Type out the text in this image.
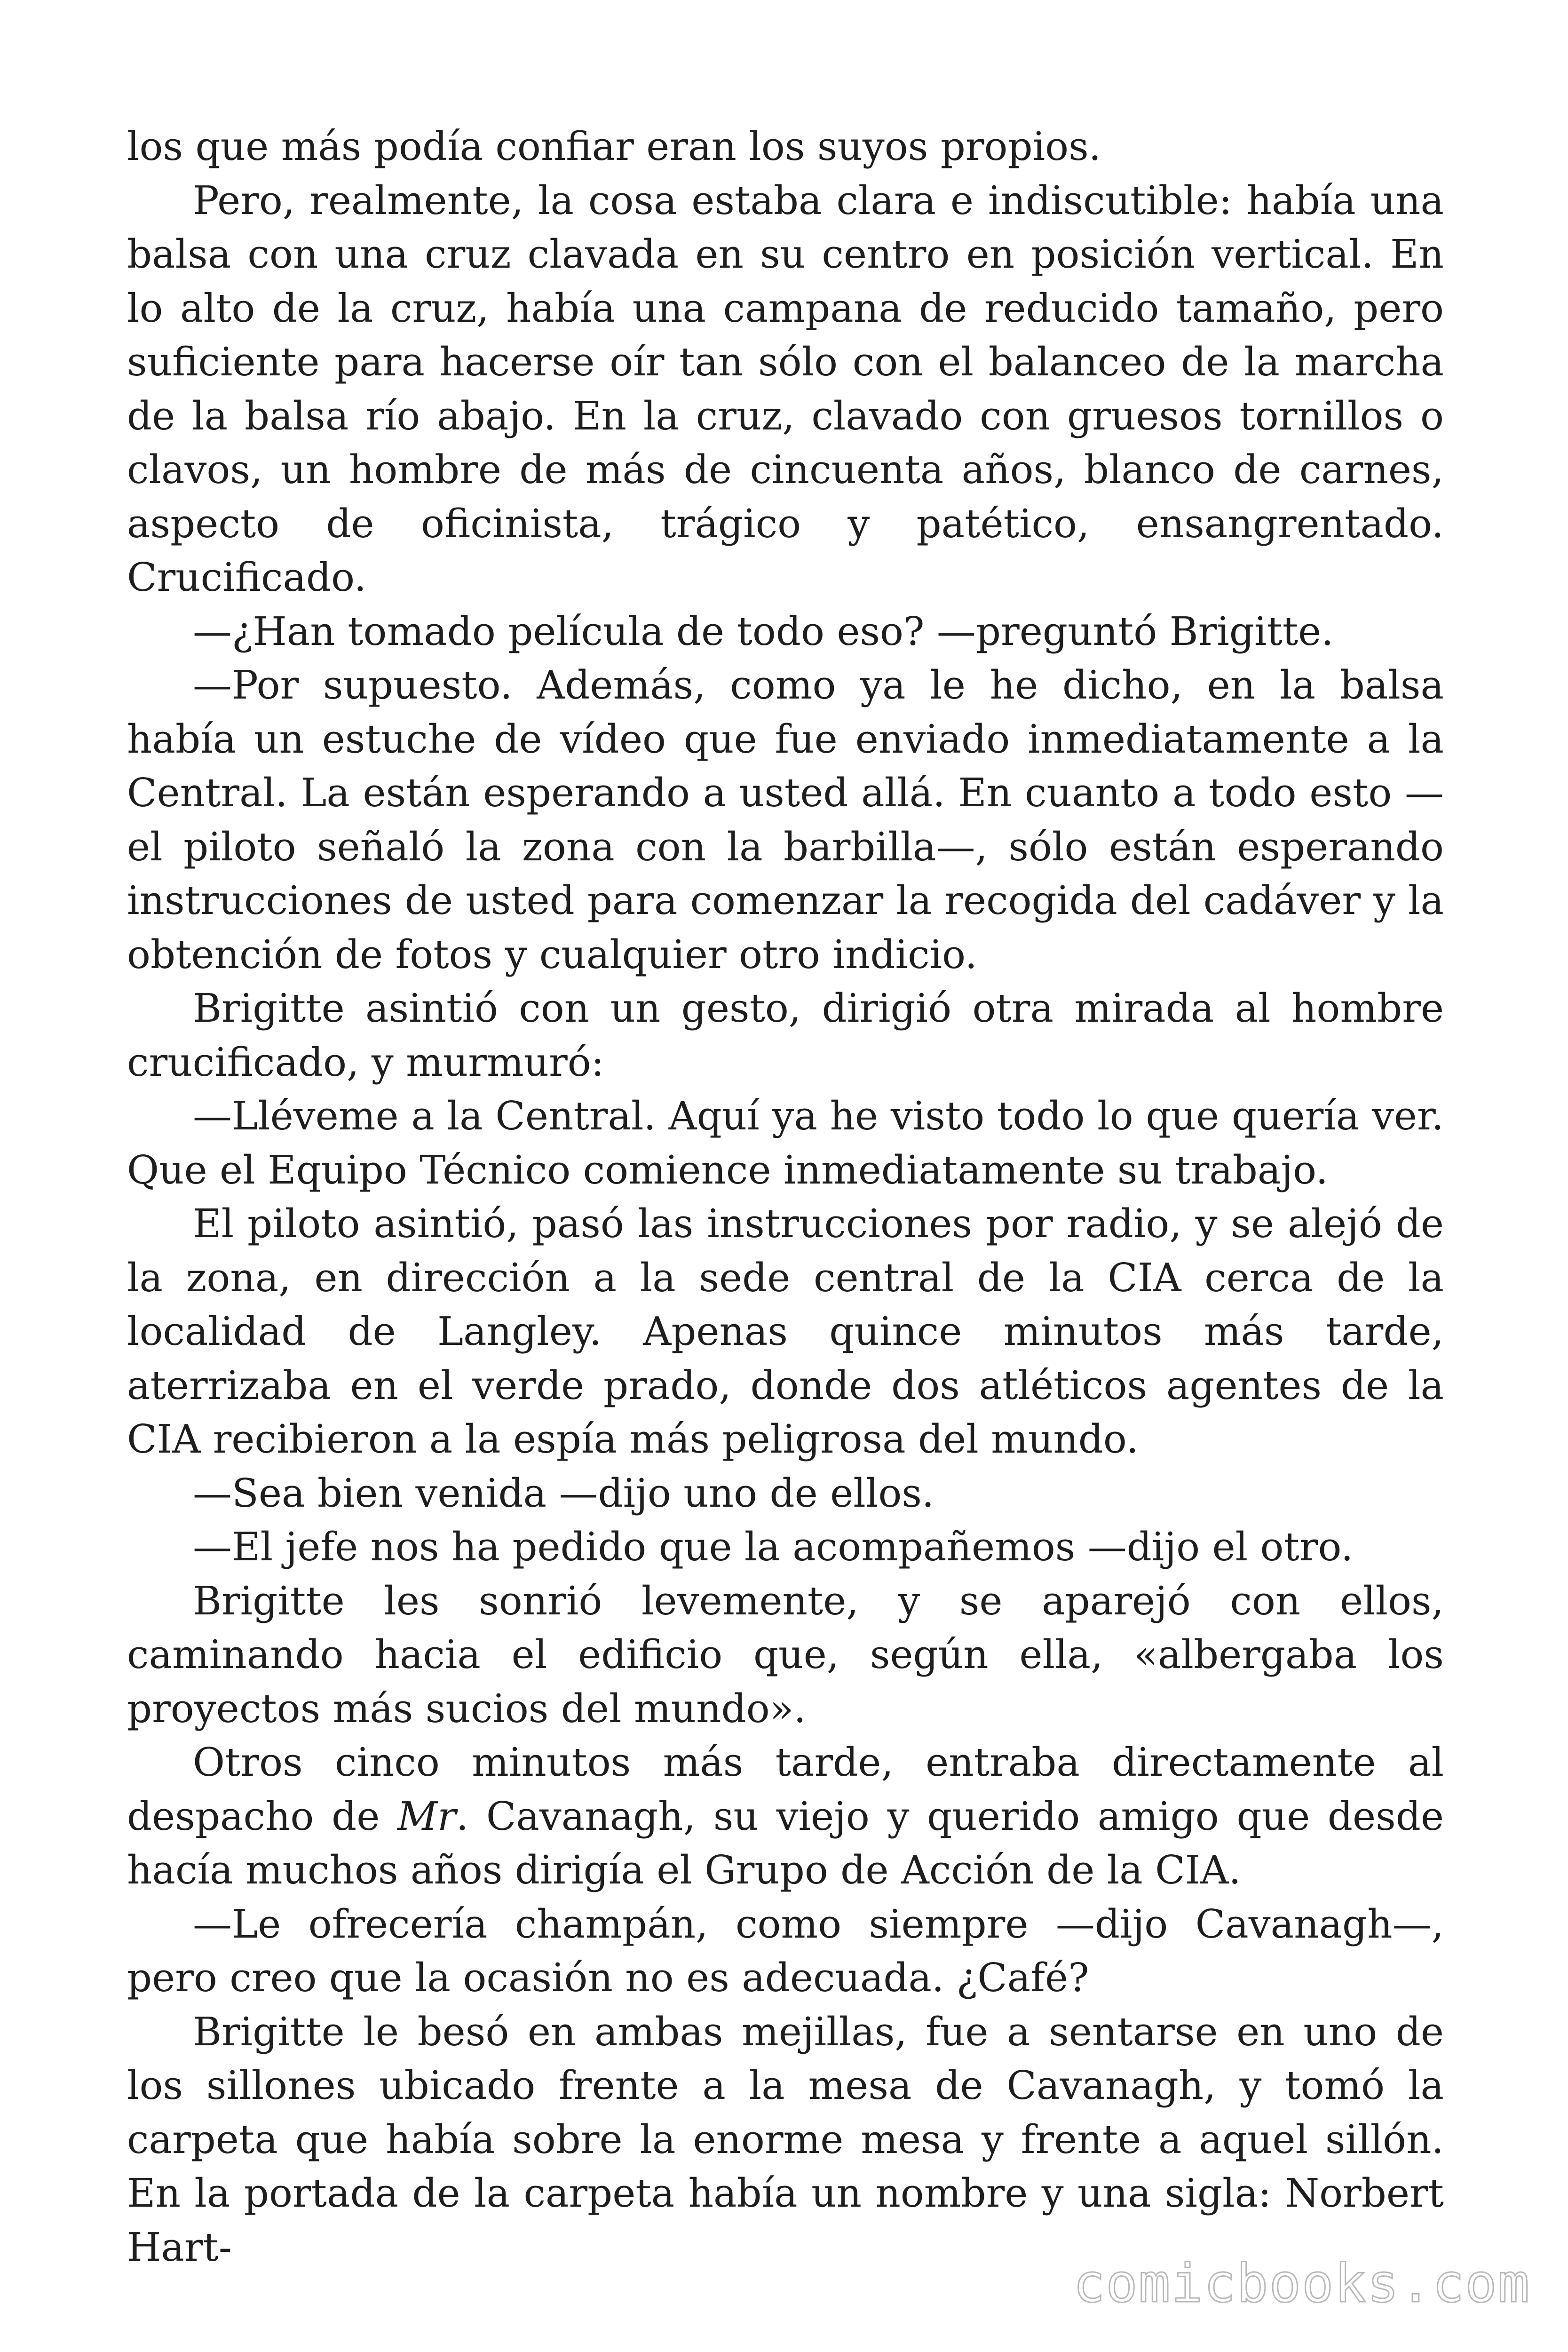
los que más podía confiar eran los suyos propios.

Pero, realmente, la cosa estaba clara e indiscutible: había una balsa con una cruz clavada en su centro en posición vertical. En lo alto de la cruz, había una campana de reducido tamaño, pero suficiente para hacerse oír tan sólo con el balanceo de la marcha de la balsa río abajo. En la cruz, clavado con gruesos tornillos o clavos, un hombre de más de cincuenta años, blanco de carnes, aspecto de oficinista, trágico y patético, ensangrentado. Crucificado.

—¿Han tomado película de todo eso? —preguntó Brigitte.

—Por supuesto. Además, como ya le he dicho, en la balsa había un estuche de vídeo que fue enviado inmediatamente a la Central. La están esperando a usted allá. En cuanto a todo esto —el piloto señaló la zona con la barbilla—, sólo están esperando instrucciones de usted para comenzar la recogida del cadáver y la obtención de fotos y cualquier otro indicio.

Brigitte asintió con un gesto, dirigió otra mirada al hombre crucificado, y murmuró:

—Lléveme a la Central. Aquí ya he visto todo lo que quería ver. Que el Equipo Técnico comience inmediatamente su trabajo.

El piloto asintió, pasó las instrucciones por radio, y se alejó de la zona, en dirección a la sede central de la CIA cerca de la localidad de Langley. Apenas quince minutos más tarde, aterrizaba en el verde prado, donde dos atléticos agentes de la CIA recibieron a la espía más peligrosa del mundo.

—Sea bien venida —dijo uno de ellos.

—El jefe nos ha pedido que la acompañemos —dijo el otro.

Brigitte les sonrió levemente, y se aparejó con ellos, caminando hacia el edificio que, según ella, «albergaba los proyectos más sucios del mundo».

Otros cinco minutos más tarde, entraba directamente al despacho de Mr. Cavanagh, su viejo y querido amigo que desde hacía muchos años dirigía el Grupo de Acción de la CIA.

—Le ofrecería champán, como siempre —dijo Cavanagh—, pero creo que la ocasión no es adecuada. ¿Café?

Brigitte le besó en ambas mejillas, fue a sentarse en uno de los sillones ubicado frente a la mesa de Cavanagh, y tomó la carpeta que había sobre la enorme mesa y frente a aquel sillón. En la portada de la carpeta había un nombre y una sigla: Norbert Hart-

comicbooks.com
